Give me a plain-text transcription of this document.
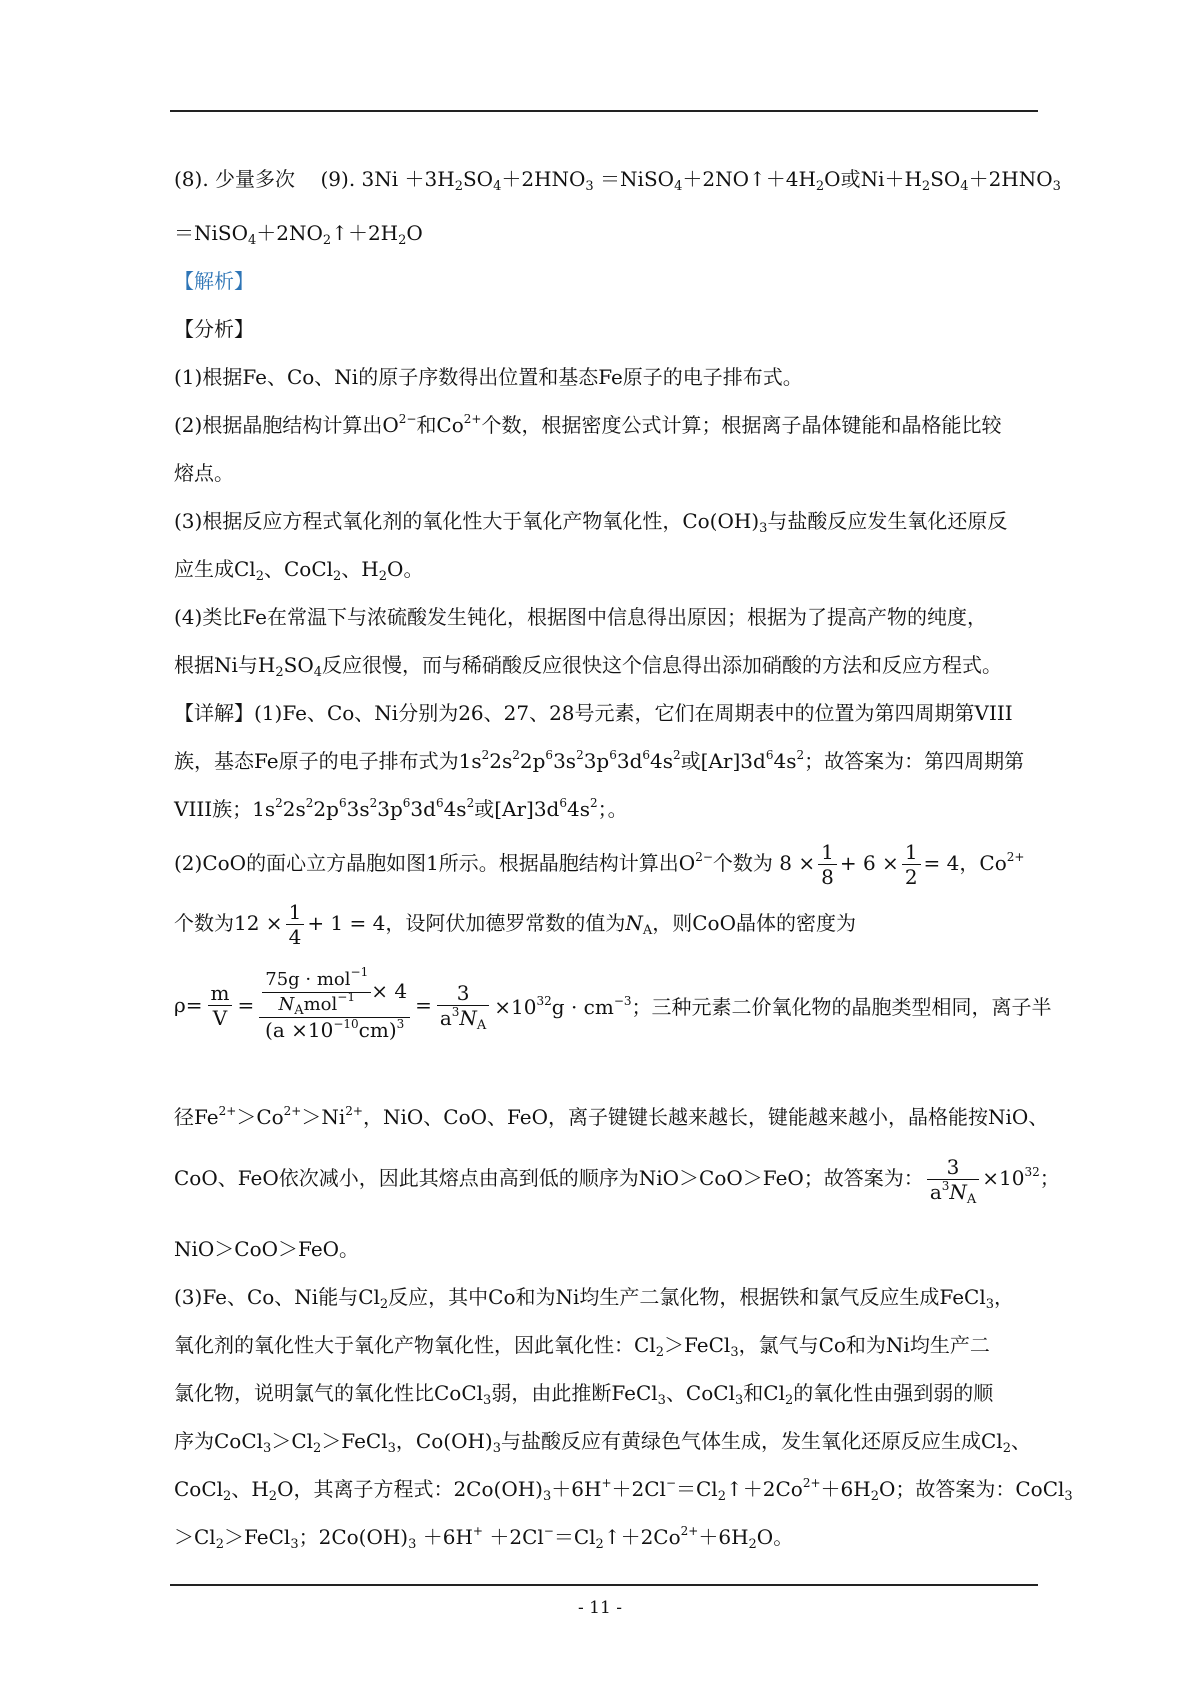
(8). 少量多次 (9). $3Ni +3H_2SO_4+2HNO_3$ $=NiSO_4+2NO↑+4H_2O$或$Ni+H_2SO_4+2HNO_3$
$=NiSO_4+2NO_2↑+2H_2O$
【解析】
【分析】
(1)根据Fe、Co、Ni的原子序数得出位置和基态Fe原子的电子排布式。
(2)根据晶胞结构计算出$O^{2-}$和$Co^{2+}$个数，根据密度公式计算；根据离子晶体键能和晶格能比较
熔点。
(3)根据反应方程式氧化剂的氧化性大于氧化产物氧化性，$Co(OH)_3$与盐酸反应发生氧化还原反
应生成$Cl_2$、CoCl$_2$、$H_2O$。
(4)类比Fe在常温下与浓硫酸发生钝化，根据图中信息得出原因；根据为了提高产物的纯度，
根据Ni与$H_2SO_4$反应很慢，而与稀硝酸反应很快这个信息得出添加硝酸的方法和反应方程式。
【详解】(1)Fe、Co、Ni分别为26、27、28号元素，它们在周期表中的位置为第四周期第VIII
族，基态Fe原子的电子排布式为$1s^22s^22p^63s^23p^63d^64s^2$或$[Ar]3d^64s^2$；故答案为：第四周期第
VIII族；$1s^22s^22p^63s^23p^63d^64s^2$或$[Ar]3d^64s^2$；。
(2)CoO的面心立方晶胞如图1所示。根据晶胞结构计算出$O^{2-}$个数为 $8 \times \frac{1}{8} + 6 \times \frac{1}{2} = 4$，$Co^{2+}$
个数为$12 \times \frac{1}{4} + 1 = 4$，设阿伏加德罗常数的值为$N_A$，则CoO晶体的密度为
ρ=	$\frac{m}{V}$	=	$\frac{\frac{75g \cdot mol^{-1}}{N_Amol^{-1}} \times 4}{(a \times 10^{-10}cm)^3}$	=	$\frac{3}{a^3N_A}$	$\times 10^{32}g \cdot cm^{-3}$；三种元素二价氧化物的晶胞类型相同，离子半
径$Fe^{2+}>Co^{2+}>Ni^{2+}$，NiO、CoO、FeO，离子键键长越来越长，键能越来越小，晶格能按NiO、
CoO、FeO依次减小，因此其熔点由高到低的顺序为NiO＞CoO＞FeO；故答案为： $\frac{3}{a^3N_A} \times 10^{32}$；
NiO＞CoO＞FeO。
(3)Fe、Co、Ni能与$Cl_2$反应，其中Co和为Ni均生产二氯化物，根据铁和氯气反应生成FeCl$_3$，
氧化剂的氧化性大于氧化产物氧化性，因此氧化性：$Cl_2>FeCl_3$，氯气与Co和为Ni均生产二
氯化物，说明氯气的氧化性比CoCl$_3$弱，由此推断FeCl$_3$、CoCl$_3$和$Cl_2$的氧化性由强到弱的顺
序为$CoCl_3>Cl_2>FeCl_3$，$Co(OH)_3$与盐酸反应有黄绿色气体生成，发生氧化还原反应生成$Cl_2$、
CoCl$_2$、$H_2O$，其离子方程式：$2Co(OH)_3+6H^++2Cl^-=Cl_2↑+2Co^{2+}+6H_2O$；故答案为：CoCl$_3$
$>Cl_2>FeCl_3$；$2Co(OH)_3 +6H^+$ $+2Cl^-=Cl_2↑+2Co^{2+}+6H_2O$。
- 11 -
